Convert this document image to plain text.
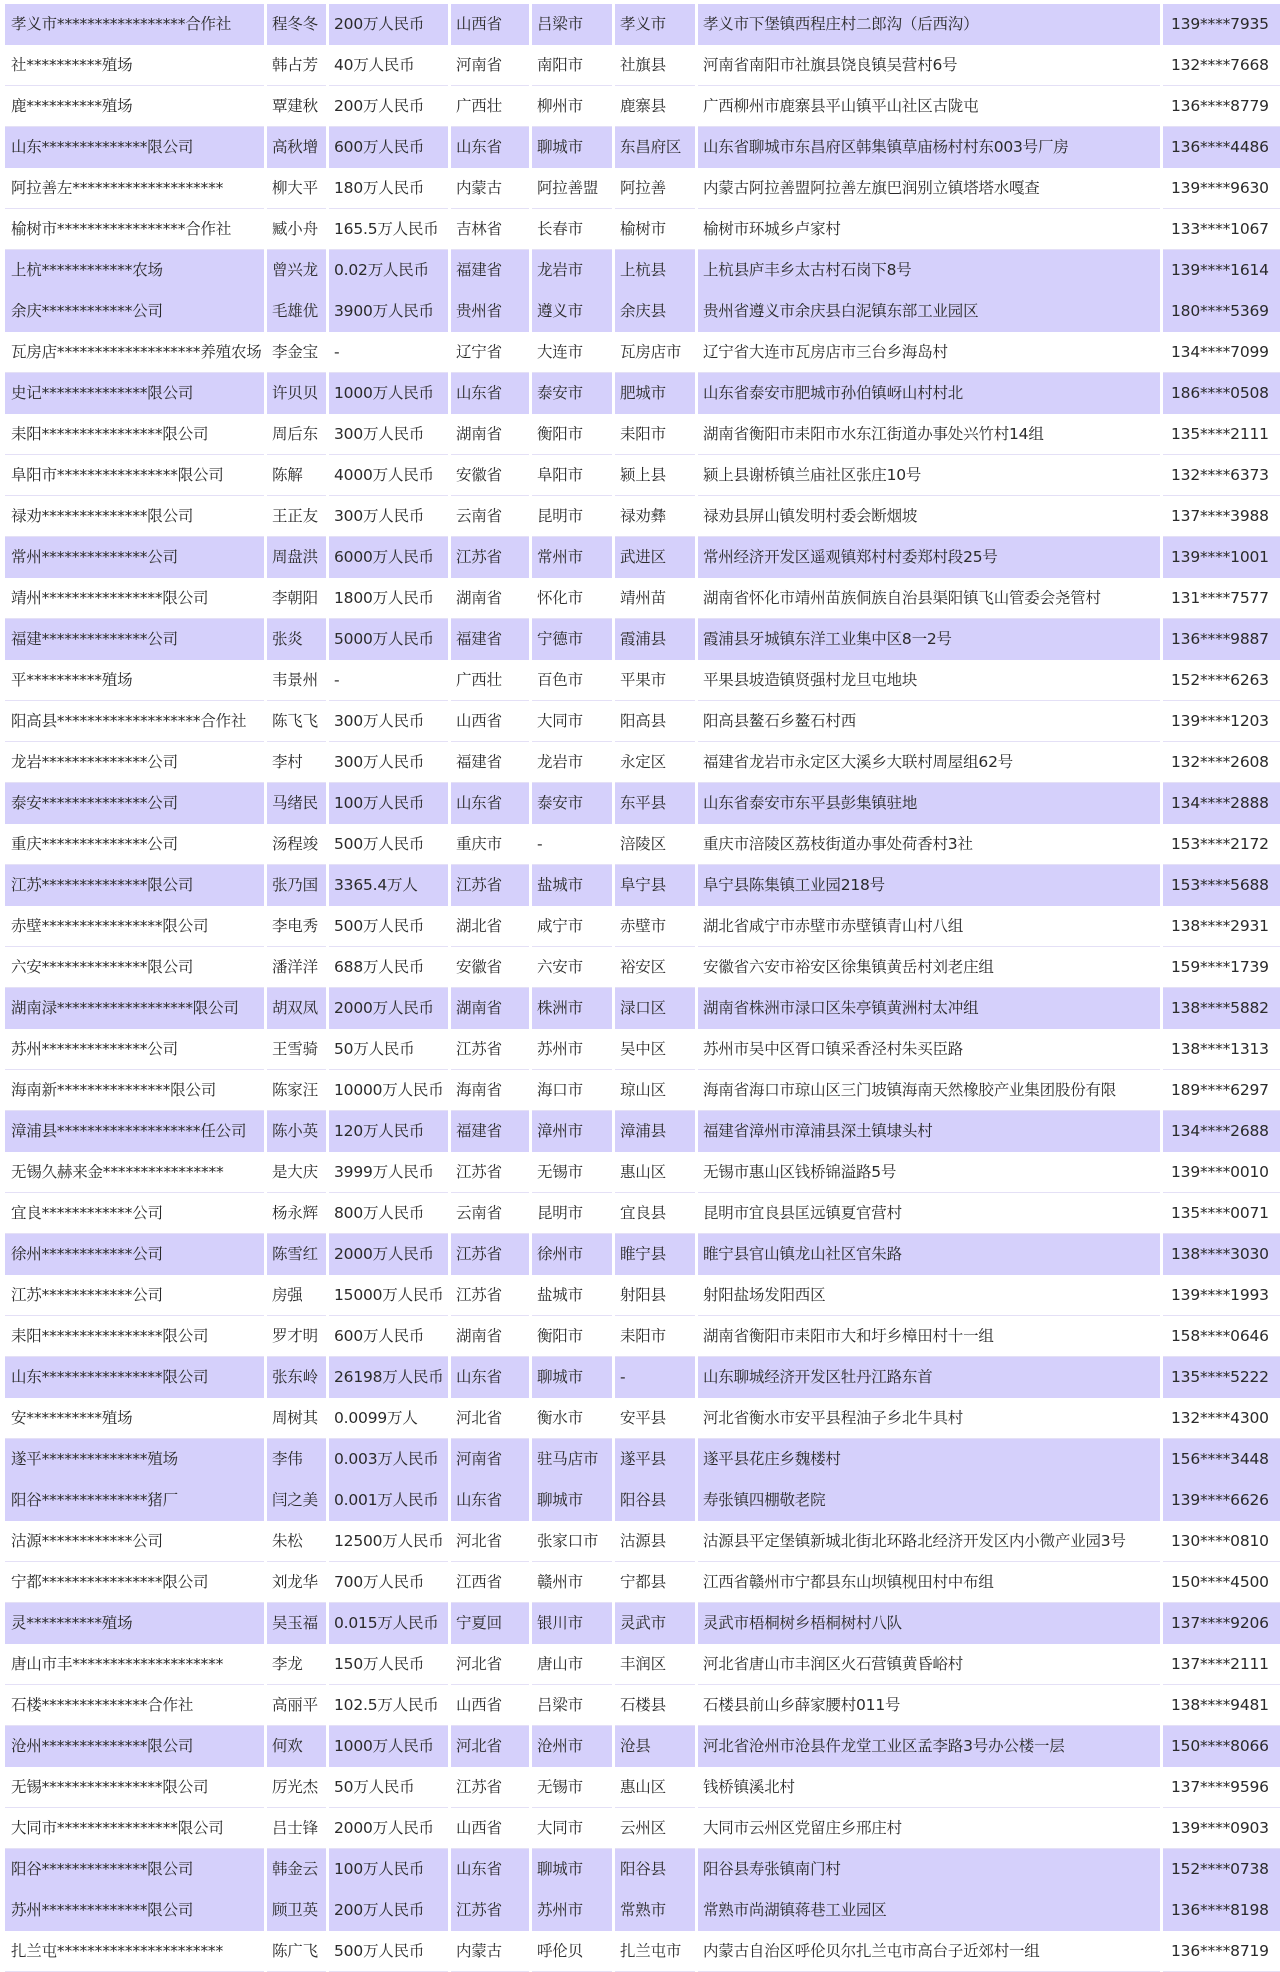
孝义市*****************合作社	程冬冬	200万人民币	山西省	吕梁市	孝义市	孝义市下堡镇西程庄村二郎沟（后西沟）	139****7935
社**********殖场	韩占芳	40万人民币	河南省	南阳市	社旗县	河南省南阳市社旗县饶良镇吴营村6号	132****7668
鹿**********殖场	覃建秋	200万人民币	广西壮	柳州市	鹿寨县	广西柳州市鹿寨县平山镇平山社区古陇屯	136****8779
山东**************限公司	高秋增	600万人民币	山东省	聊城市	东昌府区	山东省聊城市东昌府区韩集镇草庙杨村村东003号厂房	136****4486
阿拉善左********************	柳大平	180万人民币	内蒙古	阿拉善盟	阿拉善	内蒙古阿拉善盟阿拉善左旗巴润别立镇塔塔水嘎查	139****9630
榆树市*****************合作社	臧小舟	165.5万人民币	吉林省	长春市	榆树市	榆树市环城乡卢家村	133****1067
上杭************农场	曾兴龙	0.02万人民币	福建省	龙岩市	上杭县	上杭县庐丰乡太古村石岗下8号	139****1614
余庆************公司	毛雄优	3900万人民币	贵州省	遵义市	余庆县	贵州省遵义市余庆县白泥镇东部工业园区	180****5369
瓦房店*******************养殖农场	李金宝	-	辽宁省	大连市	瓦房店市	辽宁省大连市瓦房店市三台乡海岛村	134****7099
史记**************限公司	许贝贝	1000万人民币	山东省	泰安市	肥城市	山东省泰安市肥城市孙伯镇岈山村村北	186****0508
耒阳****************限公司	周后东	300万人民币	湖南省	衡阳市	耒阳市	湖南省衡阳市耒阳市水东江街道办事处兴竹村14组	135****2111
阜阳市****************限公司	陈解	4000万人民币	安徽省	阜阳市	颍上县	颍上县谢桥镇兰庙社区张庄10号	132****6373
禄劝**************限公司	王正友	300万人民币	云南省	昆明市	禄劝彝	禄劝县屏山镇发明村委会断烟坡	137****3988
常州**************公司	周盘洪	6000万人民币	江苏省	常州市	武进区	常州经济开发区遥观镇郑村村委郑村段25号	139****1001
靖州****************限公司	李朝阳	1800万人民币	湖南省	怀化市	靖州苗	湖南省怀化市靖州苗族侗族自治县渠阳镇飞山管委会尧管村	131****7577
福建**************公司	张炎	5000万人民币	福建省	宁德市	霞浦县	霞浦县牙城镇东洋工业集中区8一2号	136****9887
平**********殖场	韦景州	-	广西壮	百色市	平果市	平果县坡造镇贤强村龙旦屯地块	152****6263
阳高县*******************合作社	陈飞飞	300万人民币	山西省	大同市	阳高县	阳高县鳌石乡鳌石村西	139****1203
龙岩**************公司	李村	300万人民币	福建省	龙岩市	永定区	福建省龙岩市永定区大溪乡大联村周屋组62号	132****2608
泰安**************公司	马绪民	100万人民币	山东省	泰安市	东平县	山东省泰安市东平县彭集镇驻地	134****2888
重庆**************公司	汤程竣	500万人民币	重庆市	-	涪陵区	重庆市涪陵区荔枝街道办事处荷香村3社	153****2172
江苏**************限公司	张乃国	3365.4万人	江苏省	盐城市	阜宁县	阜宁县陈集镇工业园218号	153****5688
赤壁****************限公司	李电秀	500万人民币	湖北省	咸宁市	赤壁市	湖北省咸宁市赤壁市赤壁镇青山村八组	138****2931
六安**************限公司	潘洋洋	688万人民币	安徽省	六安市	裕安区	安徽省六安市裕安区徐集镇黄岳村刘老庄组	159****1739
湖南渌******************限公司	胡双凤	2000万人民币	湖南省	株洲市	渌口区	湖南省株洲市渌口区朱亭镇黄洲村太冲组	138****5882
苏州**************公司	王雪骑	50万人民币	江苏省	苏州市	吴中区	苏州市吴中区胥口镇采香泾村朱买臣路	138****1313
海南新***************限公司	陈家汪	10000万人民币	海南省	海口市	琼山区	海南省海口市琼山区三门坡镇海南天然橡胶产业集团股份有限	189****6297
漳浦县*******************任公司	陈小英	120万人民币	福建省	漳州市	漳浦县	福建省漳州市漳浦县深土镇埭头村	134****2688
无锡久赫来金****************	是大庆	3999万人民币	江苏省	无锡市	惠山区	无锡市惠山区钱桥锦溢路5号	139****0010
宜良************公司	杨永辉	800万人民币	云南省	昆明市	宜良县	昆明市宜良县匡远镇夏官营村	135****0071
徐州************公司	陈雪红	2000万人民币	江苏省	徐州市	睢宁县	睢宁县官山镇龙山社区官朱路	138****3030
江苏************公司	房强	15000万人民币	江苏省	盐城市	射阳县	射阳盐场发阳西区	139****1993
耒阳****************限公司	罗才明	600万人民币	湖南省	衡阳市	耒阳市	湖南省衡阳市耒阳市大和圩乡樟田村十一组	158****0646
山东****************限公司	张东岭	26198万人民币	山东省	聊城市	-	山东聊城经济开发区牡丹江路东首	135****5222
安**********殖场	周树其	0.0099万人	河北省	衡水市	安平县	河北省衡水市安平县程油子乡北牛具村	132****4300
遂平**************殖场	李伟	0.003万人民币	河南省	驻马店市	遂平县	遂平县花庄乡魏楼村	156****3448
阳谷**************猪厂	闫之美	0.001万人民币	山东省	聊城市	阳谷县	寿张镇四棚敬老院	139****6626
沽源************公司	朱松	12500万人民币	河北省	张家口市	沽源县	沽源县平定堡镇新城北街北环路北经济开发区内小微产业园3号	130****0810
宁都****************限公司	刘龙华	700万人民币	江西省	赣州市	宁都县	江西省赣州市宁都县东山坝镇枧田村中布组	150****4500
灵**********殖场	吴玉福	0.015万人民币	宁夏回	银川市	灵武市	灵武市梧桐树乡梧桐树村八队	137****9206
唐山市丰********************	李龙	150万人民币	河北省	唐山市	丰润区	河北省唐山市丰润区火石营镇黄昏峪村	137****2111
石楼**************合作社	高丽平	102.5万人民币	山西省	吕梁市	石楼县	石楼县前山乡薛家腰村011号	138****9481
沧州**************限公司	何欢	1000万人民币	河北省	沧州市	沧县	河北省沧州市沧县仵龙堂工业区孟李路3号办公楼一层	150****8066
无锡****************限公司	厉光杰	50万人民币	江苏省	无锡市	惠山区	钱桥镇溪北村	137****9596
大同市****************限公司	吕士锋	2000万人民币	山西省	大同市	云州区	大同市云州区党留庄乡邢庄村	139****0903
阳谷**************限公司	韩金云	100万人民币	山东省	聊城市	阳谷县	阳谷县寿张镇南门村	152****0738
苏州**************限公司	顾卫英	200万人民币	江苏省	苏州市	常熟市	常熟市尚湖镇蒋巷工业园区	136****8198
扎兰屯**********************	陈广飞	500万人民币	内蒙古	呼伦贝	扎兰屯市	内蒙古自治区呼伦贝尔扎兰屯市高台子近郊村一组	136****8719
